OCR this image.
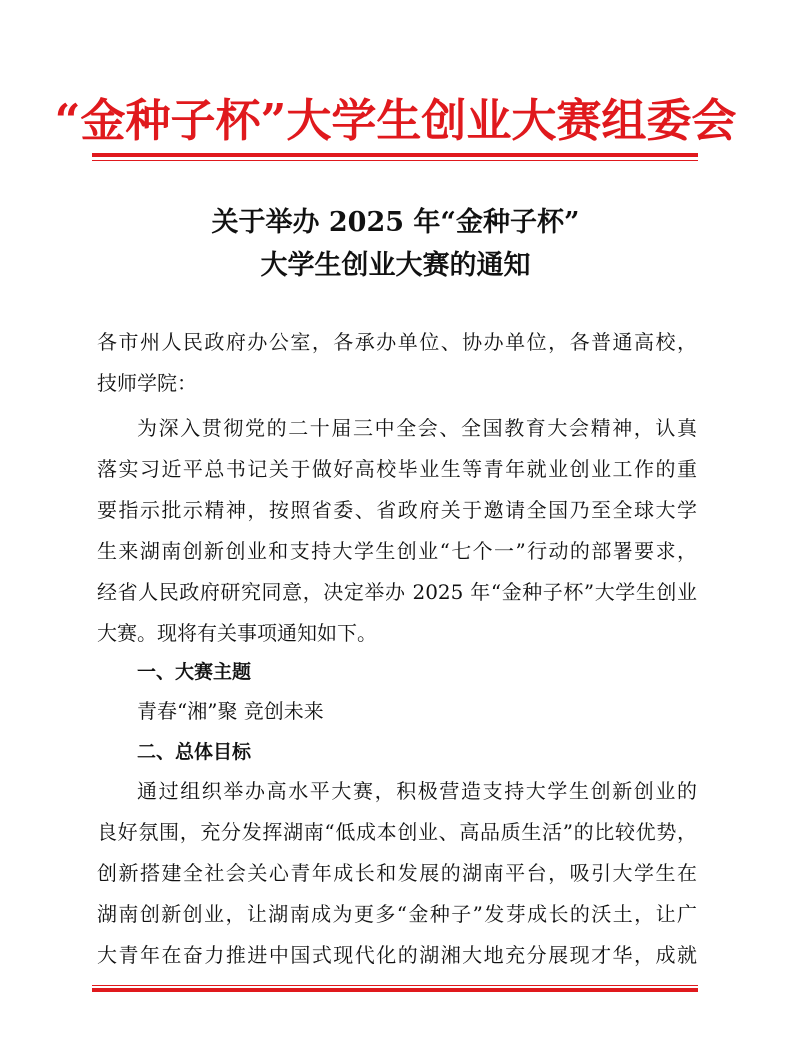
“金种子杯”大学生创业大赛组委会
关于举办 2025 年“金种子杯”
大学生创业大赛的通知
各市州人民政府办公室，各承办单位、协办单位，各普通高校，
技师学院：
为深入贯彻党的二十届三中全会、全国教育大会精神，认真
落实习近平总书记关于做好高校毕业生等青年就业创业工作的重
要指示批示精神，按照省委、省政府关于邀请全国乃至全球大学
生来湖南创新创业和支持大学生创业“七个一”行动的部署要求，
经省人民政府研究同意，决定举办 2025 年“金种子杯”大学生创业
大赛。现将有关事项通知如下。
一、大赛主题
青春“湘”聚 竞创未来
二、总体目标
通过组织举办高水平大赛，积极营造支持大学生创新创业的
良好氛围，充分发挥湖南“低成本创业、高品质生活”的比较优势，
创新搭建全社会关心青年成长和发展的湖南平台，吸引大学生在
湖南创新创业，让湖南成为更多“金种子”发芽成长的沃土，让广
大青年在奋力推进中国式现代化的湖湘大地充分展现才华，成就
